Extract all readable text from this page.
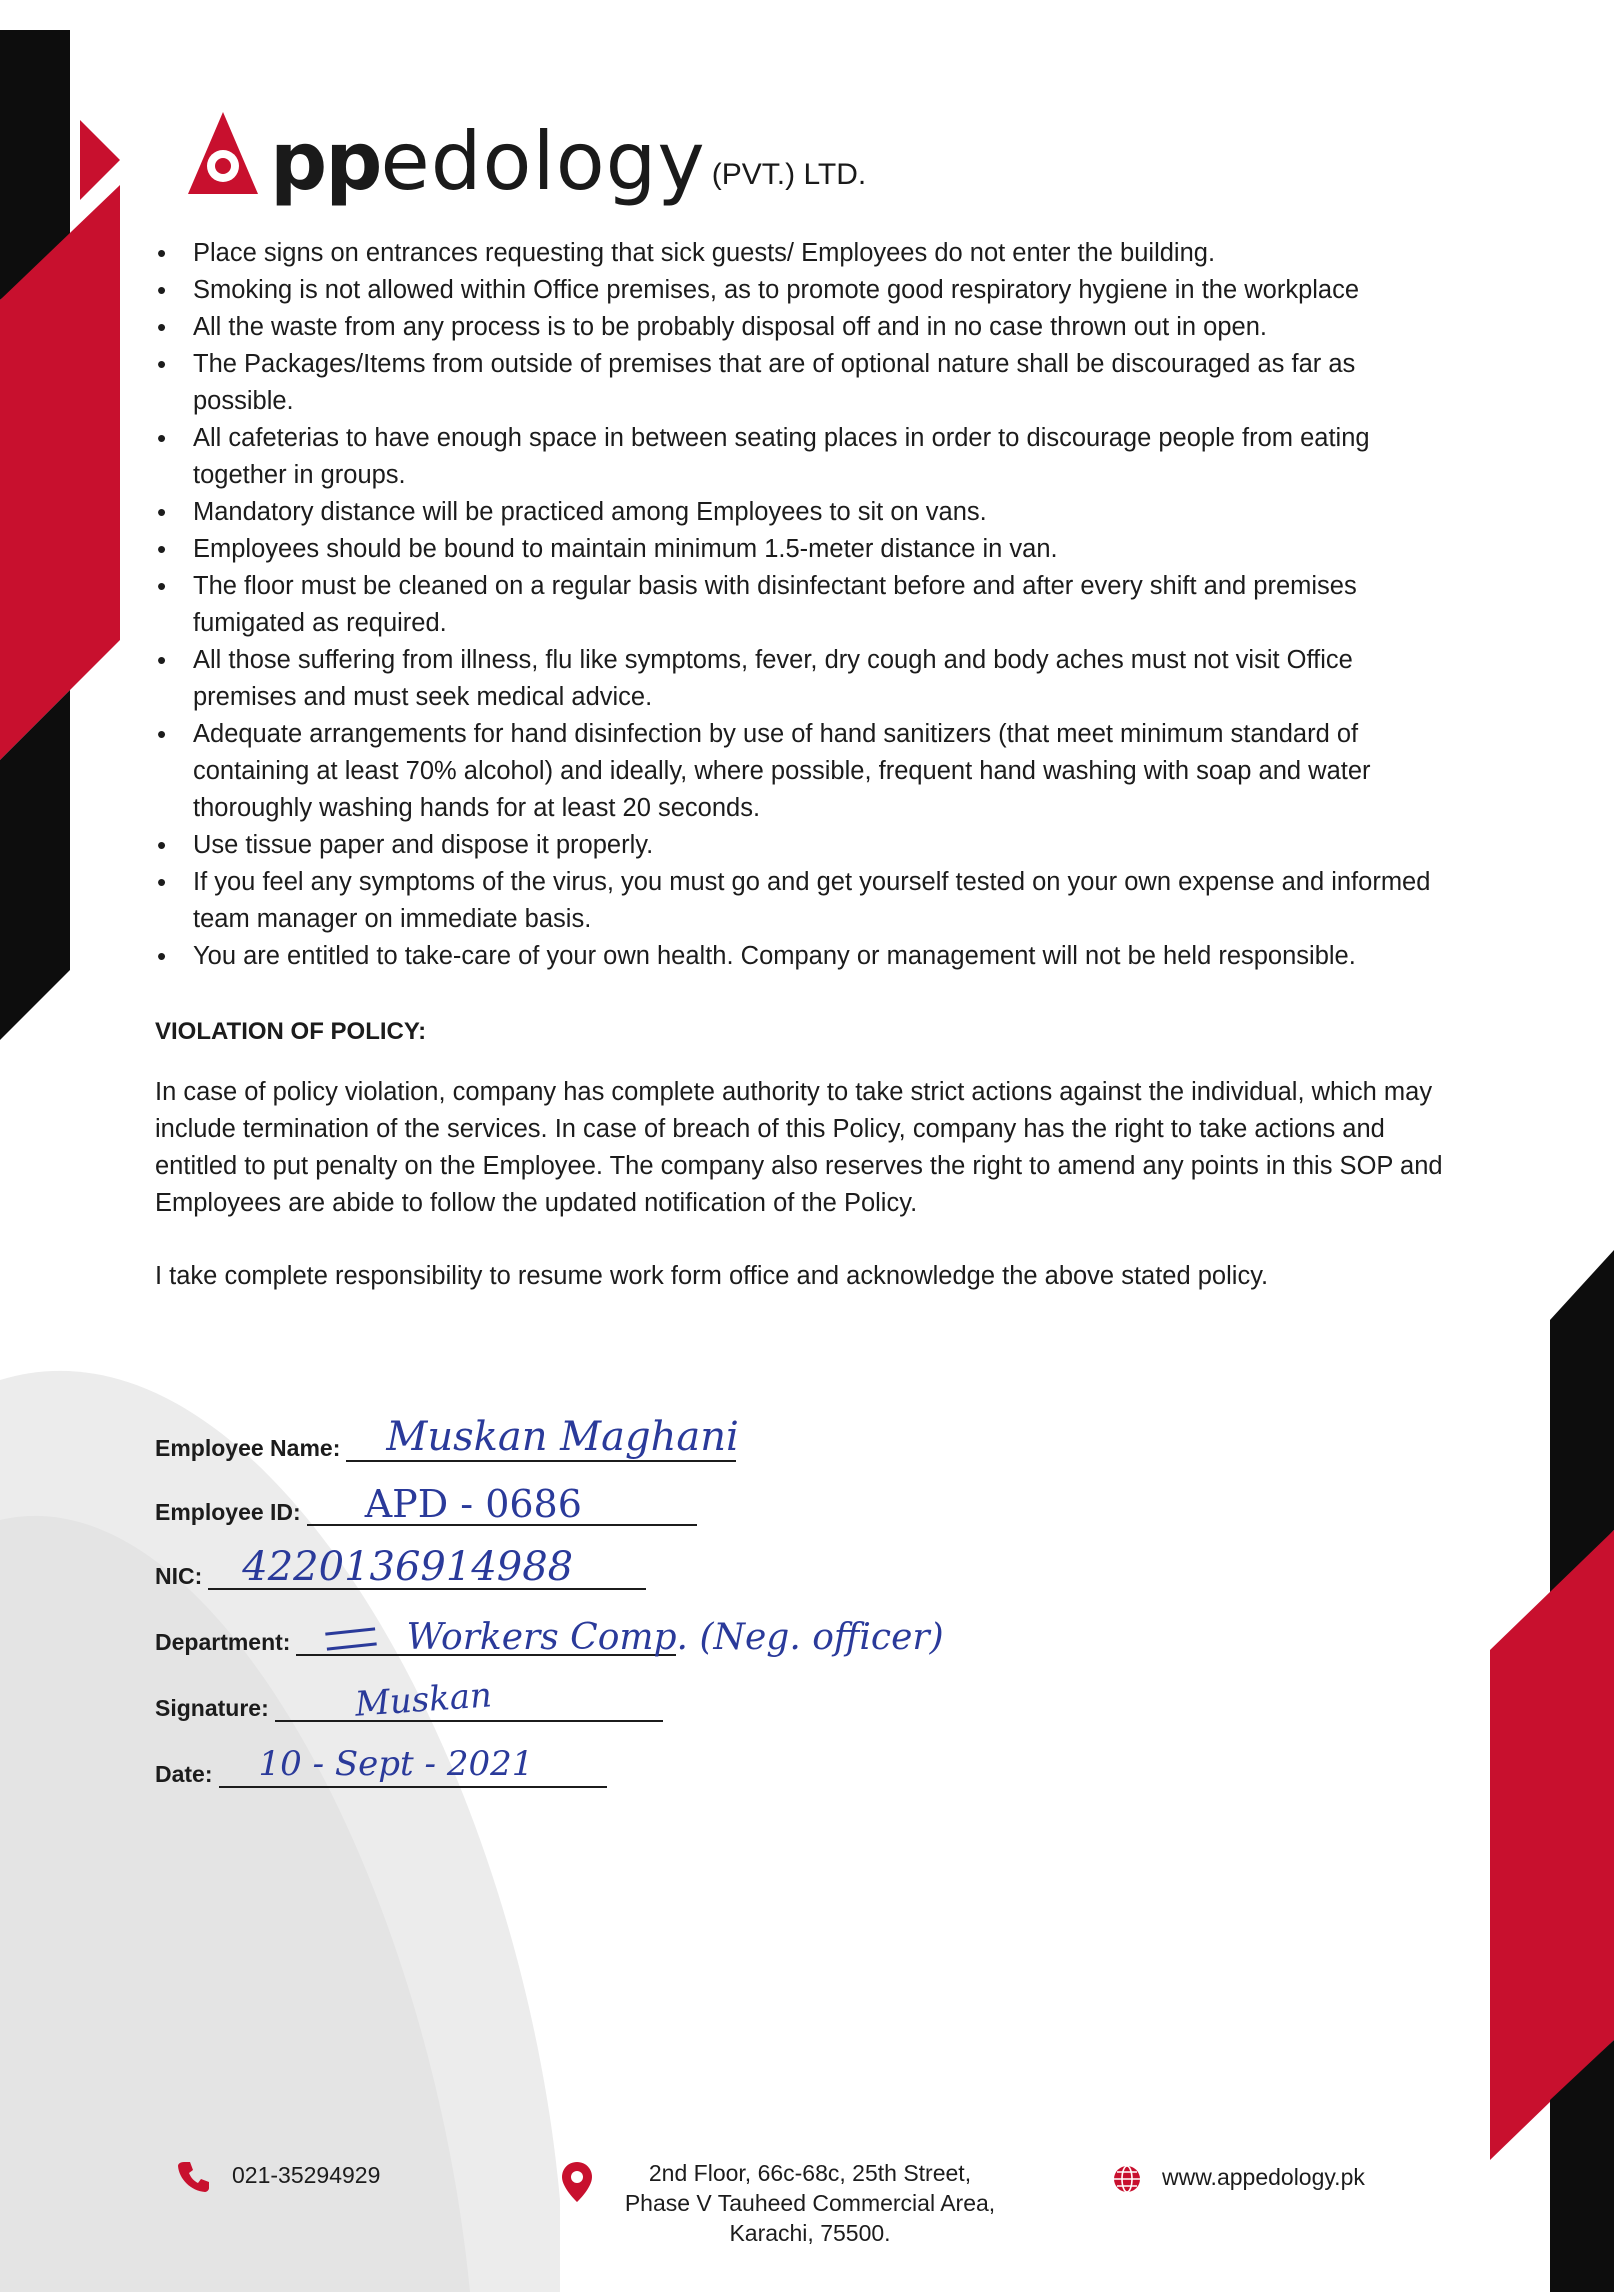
pp edology (PVT.) LTD.
• Place signs on entrances requesting that sick guests/ Employees do not enter the building.
• Smoking is not allowed within Office premises, as to promote good respiratory hygiene in the workplace
• All the waste from any process is to be probably disposal off and in no case thrown out in open.
• The Packages/Items from outside of premises that are of optional nature shall be discouraged as far as possible.
• All cafeterias to have enough space in between seating places in order to discourage people from eating together in groups.
• Mandatory distance will be practiced among Employees to sit on vans.
• Employees should be bound to maintain minimum 1.5-meter distance in van.
• The floor must be cleaned on a regular basis with disinfectant before and after every shift and premises fumigated as required.
• All those suffering from illness, flu like symptoms, fever, dry cough and body aches must not visit Office premises and must seek medical advice.
• Adequate arrangements for hand disinfection by use of hand sanitizers (that meet minimum standard of containing at least 70% alcohol) and ideally, where possible, frequent hand washing with soap and water thoroughly washing hands for at least 20 seconds.
• Use tissue paper and dispose it properly.
• If you feel any symptoms of the virus, you must go and get yourself tested on your own expense and informed team manager on immediate basis.
• You are entitled to take-care of your own health. Company or management will not be held responsible.
VIOLATION OF POLICY:
In case of policy violation, company has complete authority to take strict actions against the individual, which may include termination of the services. In case of breach of this Policy, company has the right to take actions and entitled to put penalty on the Employee. The company also reserves the right to amend any points in this SOP and Employees are abide to follow the updated notification of the Policy.
I take complete responsibility to resume work form office and acknowledge the above stated policy.
Employee Name: Muskan Maghani
Employee ID: APD - 0686
NIC: 4220136914988
Department:	Workers Comp. (Neg. officer)
Signature: Muskan
Date: 10 - Sept - 2021
021-35294929	2nd Floor, 66c-68c, 25th Street,
Phase V Tauheed Commercial Area,
Karachi, 75500.
www.appedology.pk
